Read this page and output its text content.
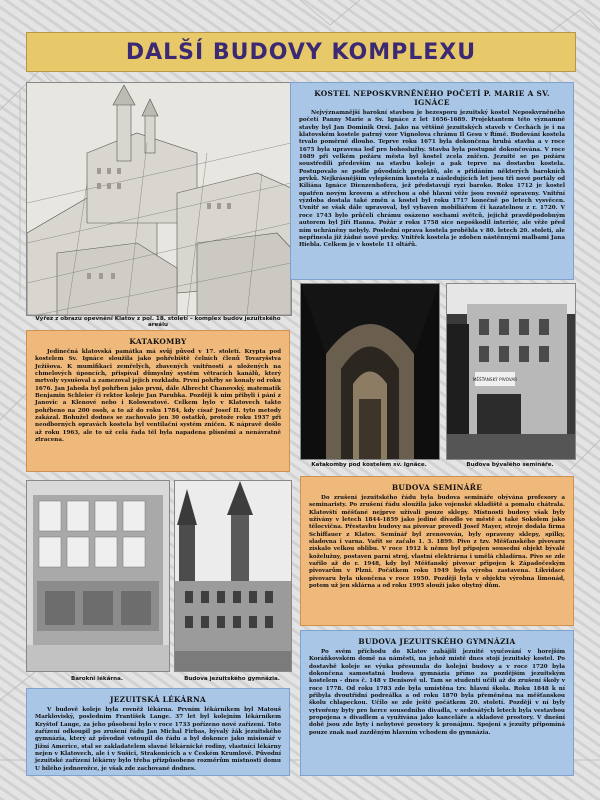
DALŠÍ BUDOVY KOMPLEXU
Výřez z obrazu opevnění Klatov z pol. 18. století – komplex budov jezuitského areálu
KOSTEL NEPOSKVRNĚNÉHO POČETÍ P. MARIE A SV. IGNÁCE

Nejvýznamnější barokní stavbou je bezesporu jezuitský kostel Neposkvrněného početí Panny Marie a Sv. Ignáce z let 1656-1689. Projektantem této významné stavby byl Jan Dominik Orsi. Jako na většině jezuitských staveb v Čechách je i na klatovském kostele patrný vzor Vignolova chrámu Il Gesu v Římě. Budování kostela trvalo poměrně dlouho. Teprve roku 1671 byla dokončena hrubá stavba a v roce 1675 byla upravena loď pro bohoslužby. Stavba byla postupně dokončována. V roce 1689 při velkém požáru města byl kostel zcela zničen. Jezuité se po požáru soustředili především na stavbu koleje a pak teprve na dostavbu kostela. Postupovalo se podle původních projektů, ale s přidáním některých barokních prvků. Nejkrásnějším vylepšením kostela z následujících let jsou tři nové portály od Kiliána Ignáce Dienzenhofera, jež představují ryzí baroko. Roku 1712 je kostel opatřen novým krovem a střechou a obě hlavní věže jsou rovněž opraveny. Vnitřní výzdoba dostala také změn a kostel byl roku 1717 konečně po letech vysvěcen. Uvnitř se však dále upravoval, byl vybaven mobiliářem či kazatelnou z r. 1720. V roce 1743 bylo průčelí chrámu osázeno sochami světců, jejichž pravděpodobným autorem byl Jiří Hanna. Požár z roku 1758 sice nepoškodil interiér, ale věže před ním uchráněny nebyly. Poslední oprava kostela proběhla v 80. letech 20. století, ale nepřinesla již žádné nové prvky. Vnitřek kostela je zdoben nástěnnými malbami Jana Hiebla. Celkem je v kostele 11 oltářů.

KATAKOMBY

Jedinečná klatovská památka má svůj původ v 17. století. Krypta pod kostelem Sv. Ignáce sloužila jako pohřebiště čelních členů Tovaryšstva Ježíšova. K mumifikaci zemřelých, zbavených vnitřností a uložených na chmelových úponcích, přispíval důmyslný systém větracích kanálů, který mrtvoly vysušoval a zamezoval jejich rozkladu. První pohřby se konaly od roku 1676. Jan Jahoda byl pohřben jako první, dále Albrecht Chanovský, matematik Benjamin Schleier či rektor koleje Jan Parubka. Později k nim přibyli i páni z Janovic a Klenové nebo i Kolowratové. Celkem bylo v Klatovech takto pohřbeno na 200 osob, a to až do roku 1784, kdy císař Josef II. tyto metody zakázal. Bohužel dodnes se zachovalo jen 30 ostatků, protože roku 1937 při neodborných opravách kostela byl ventilační systém zničen. K nápravě došlo až roku 1963, ale to už celá řada těl byla napadena plísněmi a nenávratně ztracena.

Katakomby pod kostelem sv. Ignáce.
MĚŠŤANSKÝ PIVOVAR
Budova bývalého semináře.
Barokní lékárna.	Budova jezuitského gymnázia.
BUDOVA SEMINÁŘE

Do zrušení jezuitského řádu byla budova semináře obývána profesory a seminaristy. Po zrušení řádu sloužila jako vojenské skladiště a pomalu chátrala. Klatovští měšťané nejprve užívali pouze sklepy. Místnosti budovy však byly užívány v letech 1844-1859 jako jediné divadlo ve městě a také Sokolem jako tělocvična. Přestavbu budovy na pivovar provedl Josef Mayer, stroje dodala firma Schiffauer z Klatov. Seminář byl zrenovován, byly opraveny sklepy, spilky, sladovna i varna. Vařit se začalo 1. 3. 1899. Pivo z tzv. Měšťanského pivovaru získalo velkou oblibu. V roce 1912 k němu byl připojen sousední objekt bývalé koželužny, postaven parní stroj, vlastní elektrárna i umělá chladírna. Pivo se zde vařilo až do r. 1948, kdy byl Měšťanský pivovar připojen k Západočeským pivovarům v Plzni. Počátkem roku 1949 byla výroba zastavena. Likvidace pivovaru byla ukončena v roce 1950. Později byla v objektu výrobna limonád, potom už jen sklárna a od roku 1995 slouží jako obytný dům.

JEZUITSKÁ LÉKÁRNA

V budově koleje byla rovněž lékárna. Prvním lékárníkem byl Matouš Markloviský, posledním František Lange. 37 let byl kolejním lékárníkem Kryštof Lange, za jeho působení bylo v roce 1733 pořízeno nové zařízení. Toto zařízení odkoupil po zrušení řádu Jan Michal Firbas, bývalý žák jezuitského gymnázia, který až původně vstoupil do řádu a byl dokonce jako misionář v Jižní Americe, stal se zakladatelem slavné lékárnické rodiny, vlastnící lékárny nejen v Klatovech, ale i v Sušici, Strakonicích a v Českém Krumlově. Původní jezuitské zařízení lékárny bylo třeba přizpůsobeno rozměrům místnosti domu U bílého jednorožce, je však zde zachované dodnes.

BUDOVA JEZUITSKÉHO GYMNÁZIA

Po svém příchodu do Klatov zahájili jezuité vyučování v horejším Koráňkovském domě na náměstí, na jehož místě dnes stojí jezuitský kostel. Po dostavbě koleje se výuka přesunula do kolejní budovy a v roce 1720 byla dokončena samostatná budova gymnázia přímo za pozdějším jezuitským kostelem - dnes č. 148 v Denisově ul. Tam se studenti učili až do zrušení školy v roce 1778. Od roku 1783 zde byla umístěna tzv. hlavní škola. Roku 1848 k ní přibyla dvoutřídní podreálka a od roku 1870 byla přeměněna na měšťanskou školu chlapeckou. Učilo se zde ještě počátkem 20. století. Později v ní byly vytvořeny byty pro herce sousedního divadla, v sedesátých letech byla vestavbou propojena s divadlem a využívána jako kanceláře a skladové prostory. V dnešní době jsou zde byty i nebytové prostory k pronájmu. Spojení s jezuity připomíná pouze znak nad zazděným hlavním vchodem do gymnázia.
